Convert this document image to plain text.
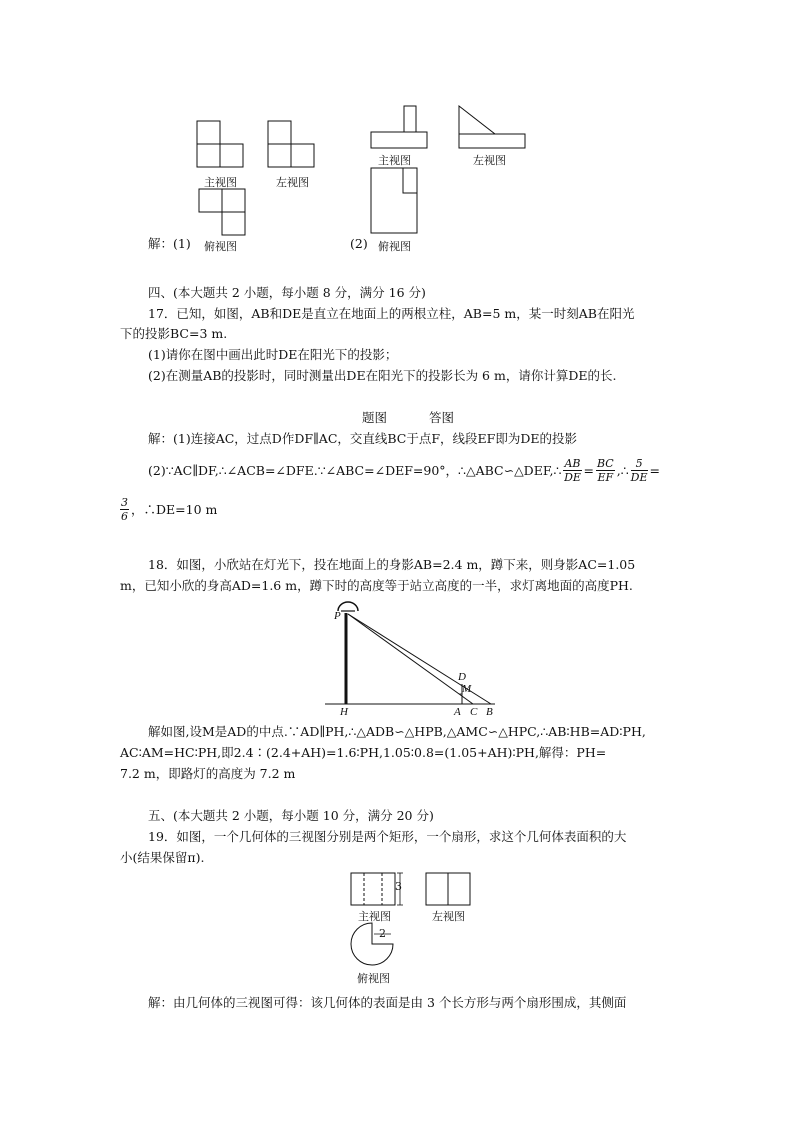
主视图	左视图
俯视图
解：(1)
主视图	左视图
俯视图
(2)
四、(本大题共 2 小题，每小题 8 分，满分 16 分)
17．已知，如图，AB和DE是直立在地面上的两根立柱，AB=5 m，某一时刻AB在阳光
下的投影BC=3 m.
(1)请你在图中画出此时DE在阳光下的投影；
(2)在测量AB的投影时，同时测量出DE在阳光下的投影长为 6 m，请你计算DE的长.
题图	答图
解：(1)连接AC，过点D作DF∥AC，交直线BC于点F，线段EF即为DE的投影
(2)∵AC∥DF,∴∠ACB=∠DFE.∵∠ABC=∠DEF=90°，∴△ABC∽△DEF,∴ $\frac{AB}{DE} = \frac{BC}{EF}$ ,∴ $\frac{5}{DE}$ =
$\frac{3}{6}$ ，∴DE=10 m
18．如图，小欣站在灯光下，投在地面上的身影AB=2.4 m，蹲下来，则身影AC=1.05
m，已知小欣的身高AD=1.6 m，蹲下时的高度等于站立高度的一半，求灯离地面的高度PH.
P
D
M
H	A C B
解如图,设M是AD的中点.∵AD∥PH,∴△ADB∽△HPB,△AMC∽△HPC,∴AB∶HB=AD∶PH,
AC∶AM=HC∶PH,即2.4∶(2.4+AH)=1.6∶PH,1.05∶0.8=(1.05+AH)∶PH,解得：PH=
7.2 m，即路灯的高度为 7.2 m
五、(本大题共 2 小题，每小题 10 分，满分 20 分)
19．如图，一个几何体的三视图分别是两个矩形，一个扇形，求这个几何体表面积的大
小(结果保留π).
3
主视图	左视图
2
俯视图
解：由几何体的三视图可得：该几何体的表面是由 3 个长方形与两个扇形围成，其侧面
